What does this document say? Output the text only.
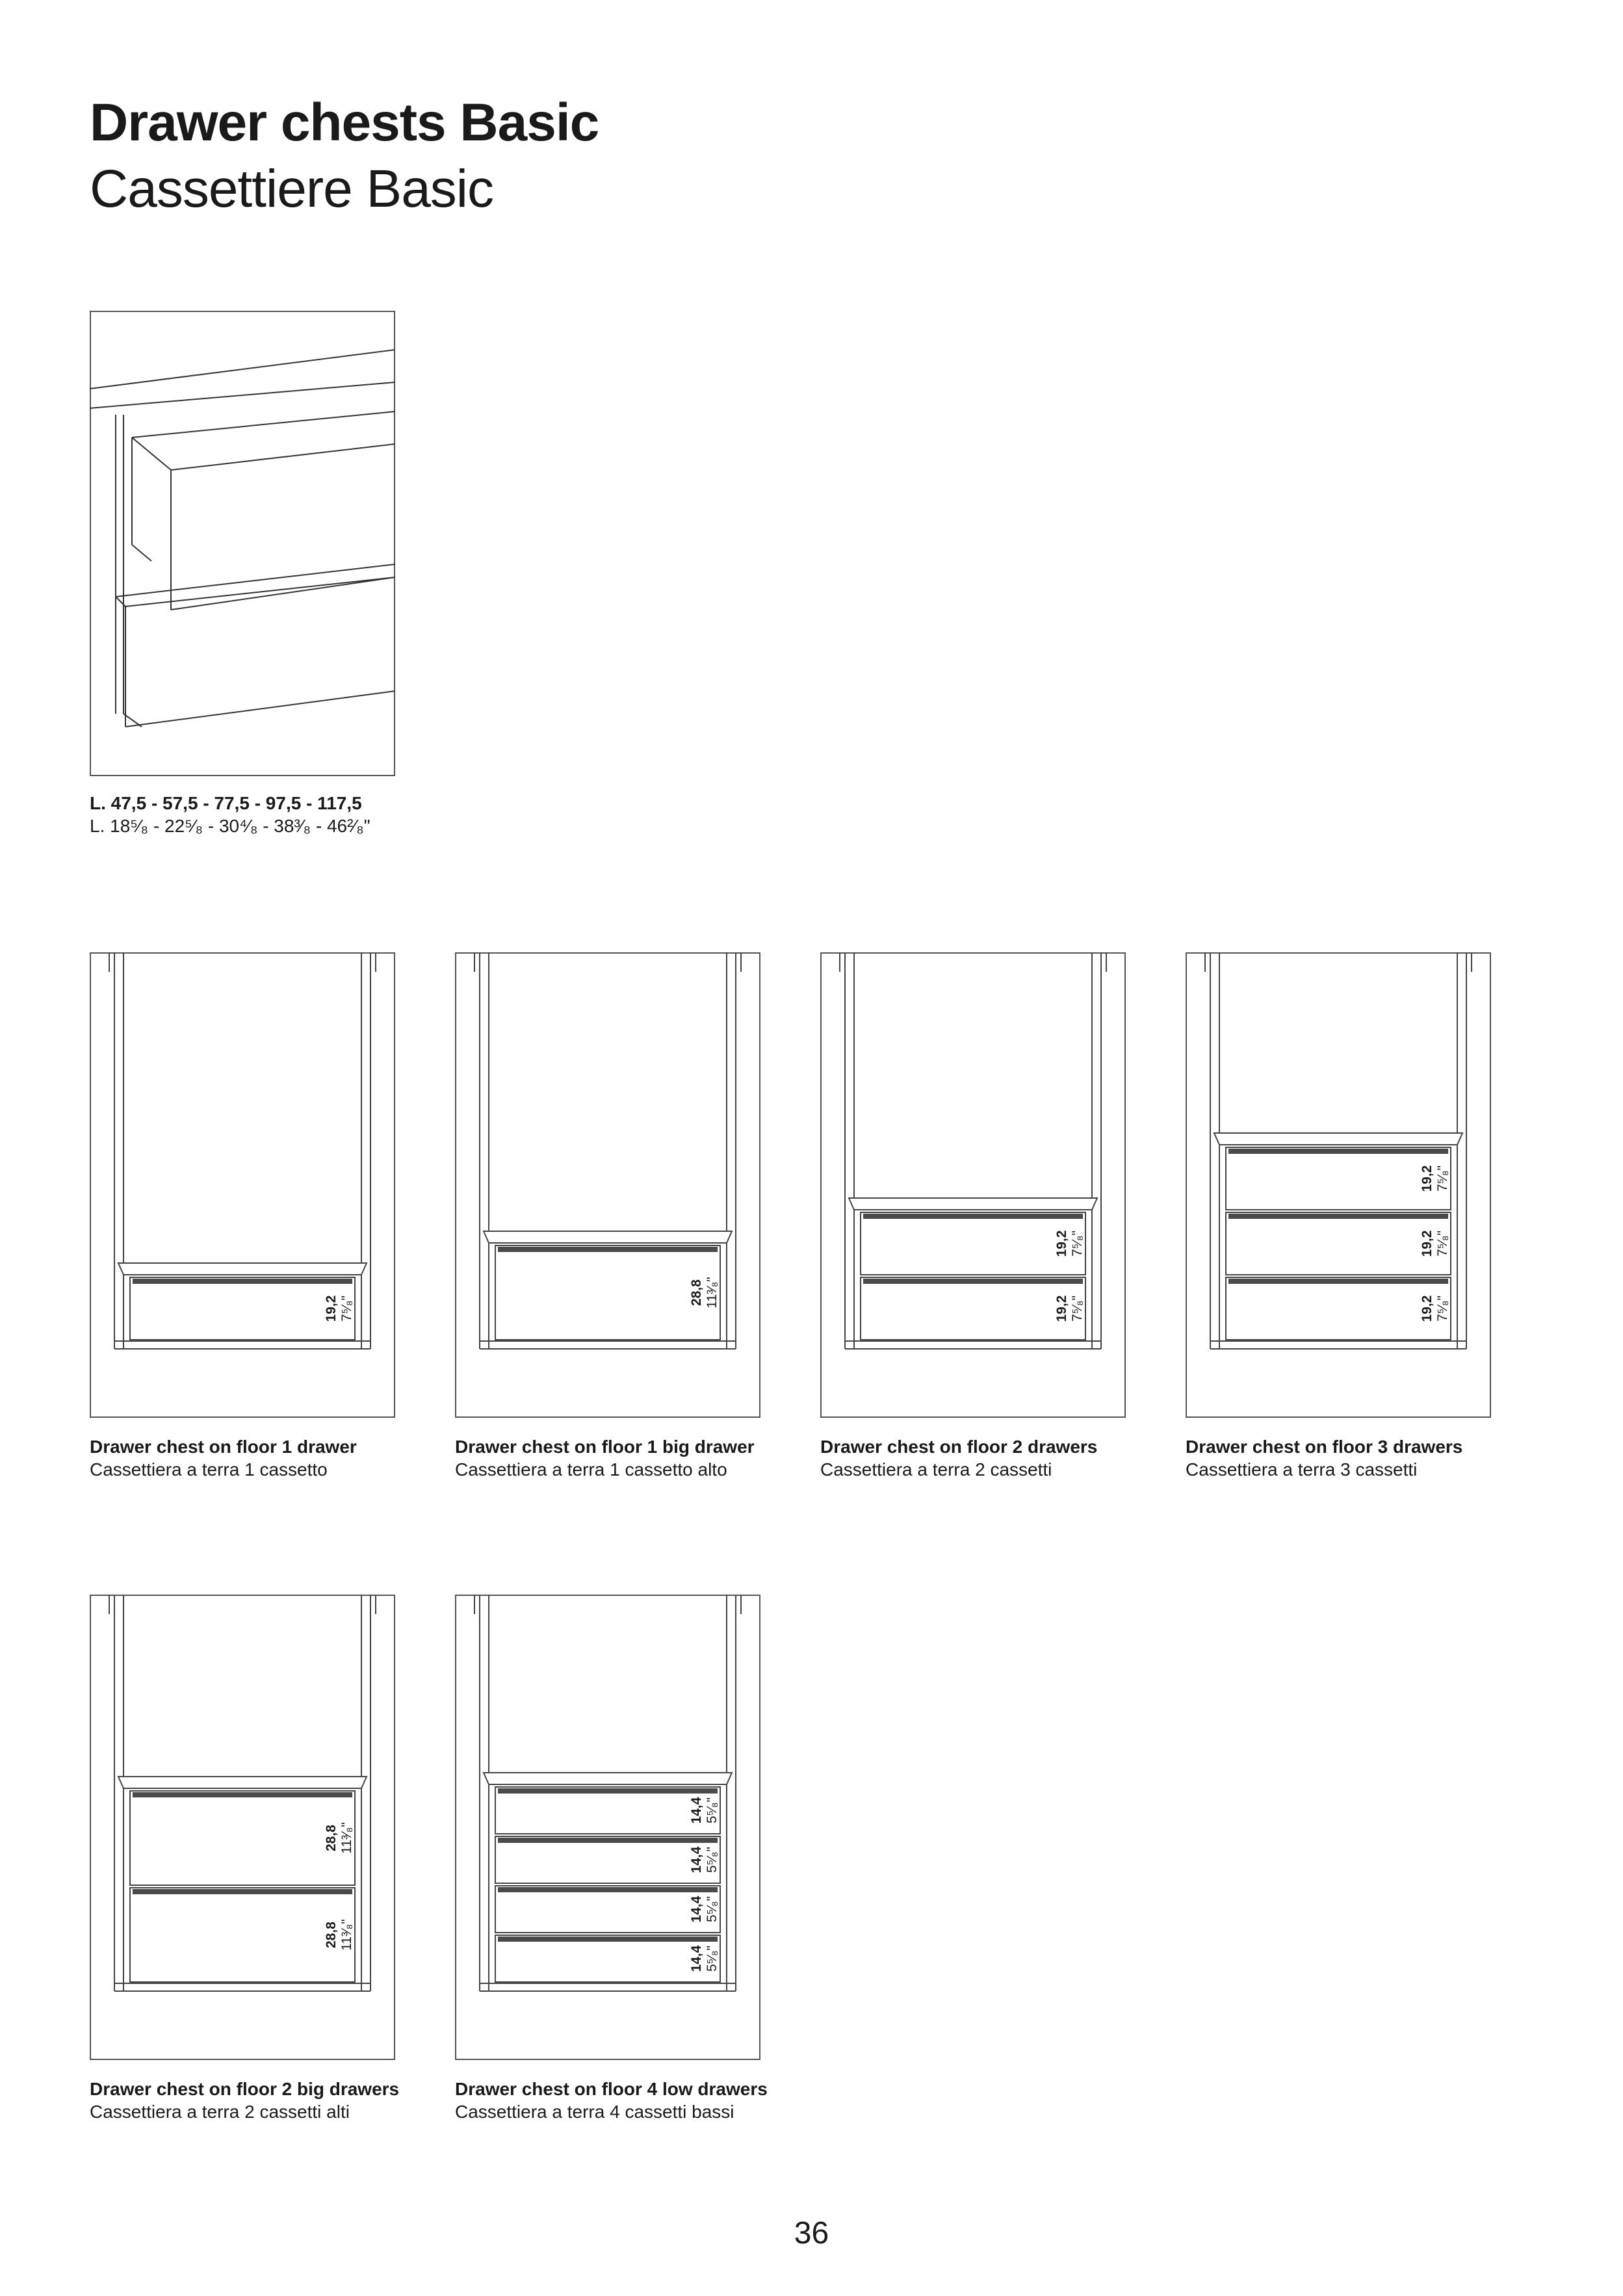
Drawer chests Basic
Cassettiere Basic
L. 47,5 - 57,5 - 77,5 - 97,5 - 117,5
L. 18⁵⁄₈ - 22⁵⁄₈ - 30⁴⁄₈ - 38³⁄₈ - 46²⁄₈"
19,2 7⁵⁄₈"
28,8 11³⁄₈"
19,2 7⁵⁄₈"
19,2 7⁵⁄₈"
19,2 7⁵⁄₈"
19,2 7⁵⁄₈"
19,2 7⁵⁄₈"
28,8 11³⁄₈"
28,8 11³⁄₈"
14,4 5⁵⁄₈"
14,4 5⁵⁄₈"
14,4 5⁵⁄₈"
14,4 5⁵⁄₈"
Drawer chest on floor 1 drawer
Cassettiera a terra 1 cassetto
Drawer chest on floor 1 big drawer
Cassettiera a terra 1 cassetto alto
Drawer chest on floor 2 drawers
Cassettiera a terra 2 cassetti
Drawer chest on floor 3 drawers
Cassettiera a terra 3 cassetti
Drawer chest on floor 2 big drawers
Cassettiera a terra 2 cassetti alti
Drawer chest on floor 4 low drawers
Cassettiera a terra 4 cassetti bassi
36
